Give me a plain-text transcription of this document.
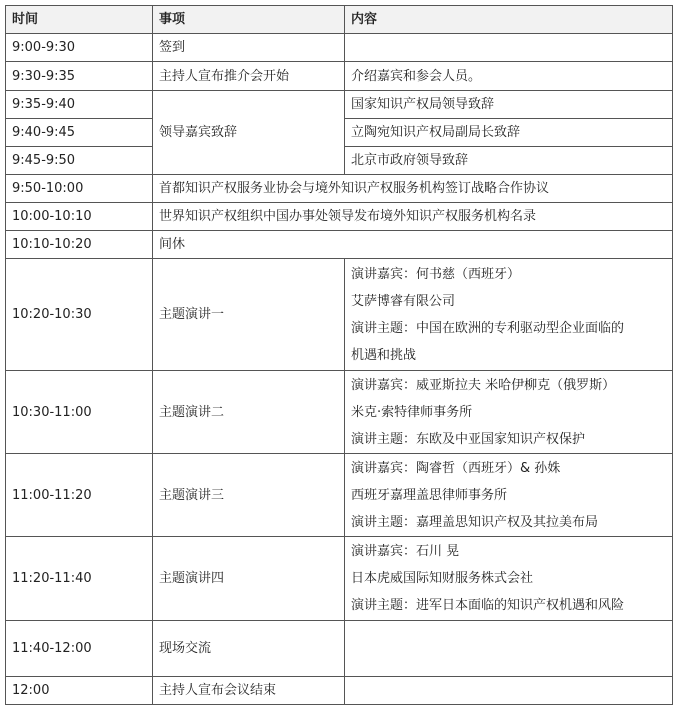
时间	事项	内容
9:00-9:30	签到	
9:30-9:35	主持人宣布推介会开始	介绍嘉宾和参会人员。
9:35-9:40	领导嘉宾致辞	国家知识产权局领导致辞
9:40-9:45		立陶宛知识产权局副局长致辞
9:45-9:50		北京市政府领导致辞
9:50-10:00	首都知识产权服务业协会与境外知识产权服务机构签订战略合作协议	
10:00-10:10	世界知识产权组织中国办事处领导发布境外知识产权服务机构名录	
10:10-10:20	间休	
10:20-10:30	主题演讲一	演讲嘉宾：何书慈（西班牙）
艾萨博睿有限公司
演讲主题：中国在欧洲的专利驱动型企业面临的
机遇和挑战

10:30-11:00	主题演讲二	演讲嘉宾：威亚斯拉夫 米哈伊柳克（俄罗斯）
米克·索特律师事务所
演讲主题：东欧及中亚国家知识产权保护

11:00-11:20	主题演讲三	演讲嘉宾：陶睿哲（西班牙）& 孙姝
西班牙嘉理盖思律师事务所
演讲主题：嘉理盖思知识产权及其拉美布局

11:20-11:40	主题演讲四	演讲嘉宾：石川 晃
日本虎威国际知财服务株式会社
演讲主题：进军日本面临的知识产权机遇和风险

11:40-12:00	现场交流	
12:00	主持人宣布会议结束	
